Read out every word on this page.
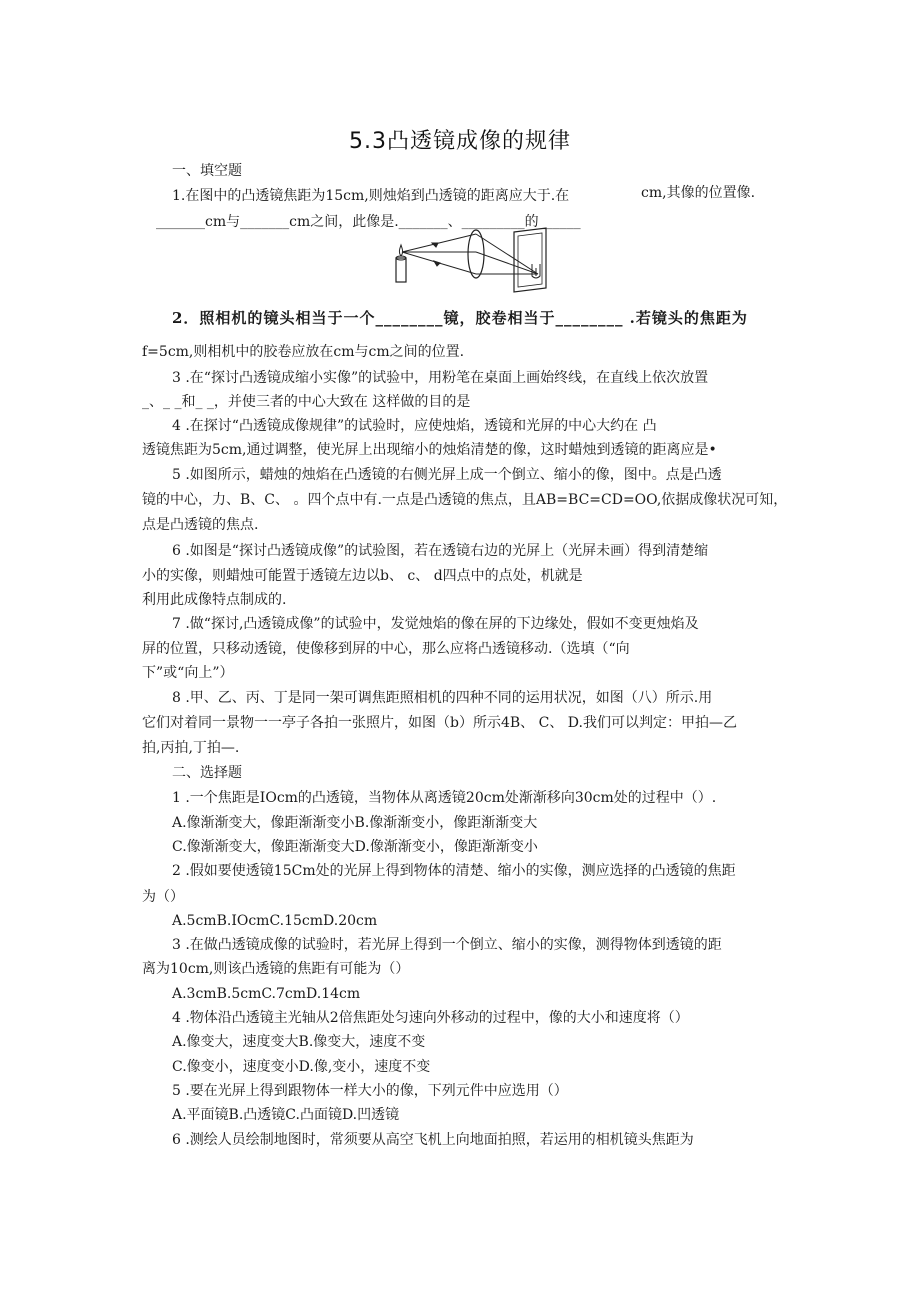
5.3凸透镜成像的规律
一、填空题
1.在图中的凸透镜焦距为15cm,则烛焰到凸透镜的距离应大于.在	cm,其像的位置像.
_______cm与_______cm之间，此像是._______、_________的______
2．照相机的镜头相当于一个________镜，胶卷相当于________ .若镜头的焦距为
f=5cm,则相机中的胶卷应放在cm与cm之间的位置.
3 .在“探讨凸透镜成缩小实像”的试验中，用粉笔在桌面上画始终线，在直线上依次放置
_、_ _和_ _，并使三者的中心大致在 这样做的目的是
4 .在探讨“凸透镜成像规律”的试验时，应使烛焰，透镜和光屏的中心大约在 凸
透镜焦距为5cm,通过调整，使光屏上出现缩小的烛焰清楚的像，这时蜡烛到透镜的距离应是•
5 .如图所示，蜡烛的烛焰在凸透镜的右侧光屏上成一个倒立、缩小的像，图中。点是凸透
镜的中心，力、B、C、 。四个点中有.一点是凸透镜的焦点，且AB=BC=CD=OO,依据成像状况可知，
点是凸透镜的焦点.
6 .如图是“探讨凸透镜成像”的试验图，若在透镜右边的光屏上（光屏未画）得到清楚缩
小的实像，则蜡烛可能置于透镜左边以b、 c、 d四点中的点处，机就是
利用此成像特点制成的.
7 .做“探讨,凸透镜成像”的试验中，发觉烛焰的像在屏的下边缘处，假如不变更烛焰及
屏的位置，只移动透镜，使像移到屏的中心，那么应将凸透镜移动.（选填（“向
下”或“向上”）
8 .甲、乙、丙、丁是同一架可调焦距照相机的四种不同的运用状况，如图（八）所示.用
它们对着同一景物一一亭子各拍一张照片，如图（b）所示4B、 C、 D.我们可以判定：甲拍—乙
拍,丙拍,丁拍—.
二、选择题
1 .一个焦距是IOcm的凸透镜，当物体从离透镜20cm处渐渐移向30cm处的过程中（）.
A.像渐渐变大，像距渐渐变小B.像渐渐变小，像距渐渐变大
C.像渐渐变大，像距渐渐变大D.像渐渐变小，像距渐渐变小
2 .假如要使透镜15Cm处的光屏上得到物体的清楚、缩小的实像，测应选择的凸透镜的焦距
为（）
A.5cmB.IOcmC.15cmD.20cm
3 .在做凸透镜成像的试验时，若光屏上得到一个倒立、缩小的实像，测得物体到透镜的距
离为10cm,则该凸透镜的焦距有可能为（）
A.3cmB.5cmC.7cmD.14cm
4 .物体沿凸透镜主光轴从2倍焦距处匀速向外移动的过程中，像的大小和速度将（）
A.像变大，速度变大B.像变大，速度不变
C.像变小，速度变小D.像,变小，速度不变
5 .要在光屏上得到跟物体一样大小的像，下列元件中应选用（）
A.平面镜B.凸透镜C.凸面镜D.凹透镜
6 .测绘人员绘制地图时，常须要从高空飞机上向地面拍照，若运用的相机镜头焦距为
